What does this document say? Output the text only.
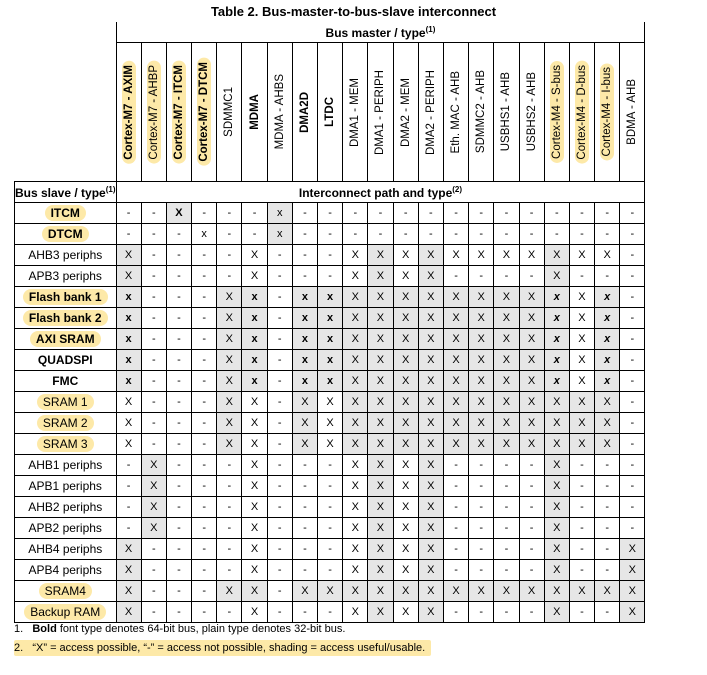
Table 2. Bus-master-to-bus-slave interconnect
	Bus master / type$^{(1)}$

	Cortex-M7 - AXIM	Cortex-M7 - AHBP	Cortex-M7 - ITCM	Cortex-M7 - DTCM	SDMMC1	MDMA	MDMA - AHBS	DMA2D	LTDC	DMA1 - MEM	DMA1 - PERIPH	DMA2 - MEM	DMA2 - PERIPH	Eth. MAC - AHB	SDMMC2 - AHB	USBHS1 - AHB	USBHS2 - AHB	Cortex-M4 - S-bus	Cortex-M4 - D-bus	Cortex-M4 - I-bus	BDMA - AHB

Bus slave / type$^{(1)}$	Interconnect path and type$^{(2)}$
ITCM	-	-	X	-	-	-	x	-	-	-	-	-	-	-	-	-	-	-	-	-	-
DTCM	-	-	-	x	-	-	x	-	-	-	-	-	-	-	-	-	-	-	-	-	-
AHB3 periphs	X	-	-	-	-	X	-	-	-	X	X	X	X	X	X	X	X	X	X	X	-
APB3 periphs	X	-	-	-	-	X	-	-	-	X	X	X	X	-	-	-	-	X	-	-	-
Flash bank 1	x	-	-	-	X	x	-	x	x	X	X	X	X	X	X	X	X	x	X	x	-
Flash bank 2	x	-	-	-	X	x	-	x	x	X	X	X	X	X	X	X	X	x	X	x	-
AXI SRAM	x	-	-	-	X	x	-	x	x	X	X	X	X	X	X	X	X	x	X	x	-
QUADSPI	x	-	-	-	X	x	-	x	x	X	X	X	X	X	X	X	X	x	X	x	-
FMC	x	-	-	-	X	x	-	x	x	X	X	X	X	X	X	X	X	x	X	x	-
SRAM 1	X	-	-	-	X	X	-	X	X	X	X	X	X	X	X	X	X	X	X	X	-
SRAM 2	X	-	-	-	X	X	-	X	X	X	X	X	X	X	X	X	X	X	X	X	-
SRAM 3	X	-	-	-	X	X	-	X	X	X	X	X	X	X	X	X	X	X	X	X	-
AHB1 periphs	-	X	-	-	-	X	-	-	-	X	X	X	X	-	-	-	-	X	-	-	-
APB1 periphs	-	X	-	-	-	X	-	-	-	X	X	X	X	-	-	-	-	X	-	-	-
AHB2 periphs	-	X	-	-	-	X	-	-	-	X	X	X	X	-	-	-	-	X	-	-	-
APB2 periphs	-	X	-	-	-	X	-	-	-	X	X	X	X	-	-	-	-	X	-	-	-
AHB4 periphs	X	-	-	-	-	X	-	-	-	X	X	X	X	-	-	-	-	X	-	-	X
APB4 periphs	X	-	-	-	-	X	-	-	-	X	X	X	X	-	-	-	-	X	-	-	X
SRAM4	X	-	-	-	X	X	-	X	X	X	X	X	X	X	X	X	X	X	X	X	X
Backup RAM	X	-	-	-	-	X	-	-	-	X	X	X	X	-	-	-	-	X	-	-	X
1. Bold font type denotes 64-bit bus, plain type denotes 32-bit bus.
2. “X” = access possible, “-” = access not possible, shading = access useful/usable.
